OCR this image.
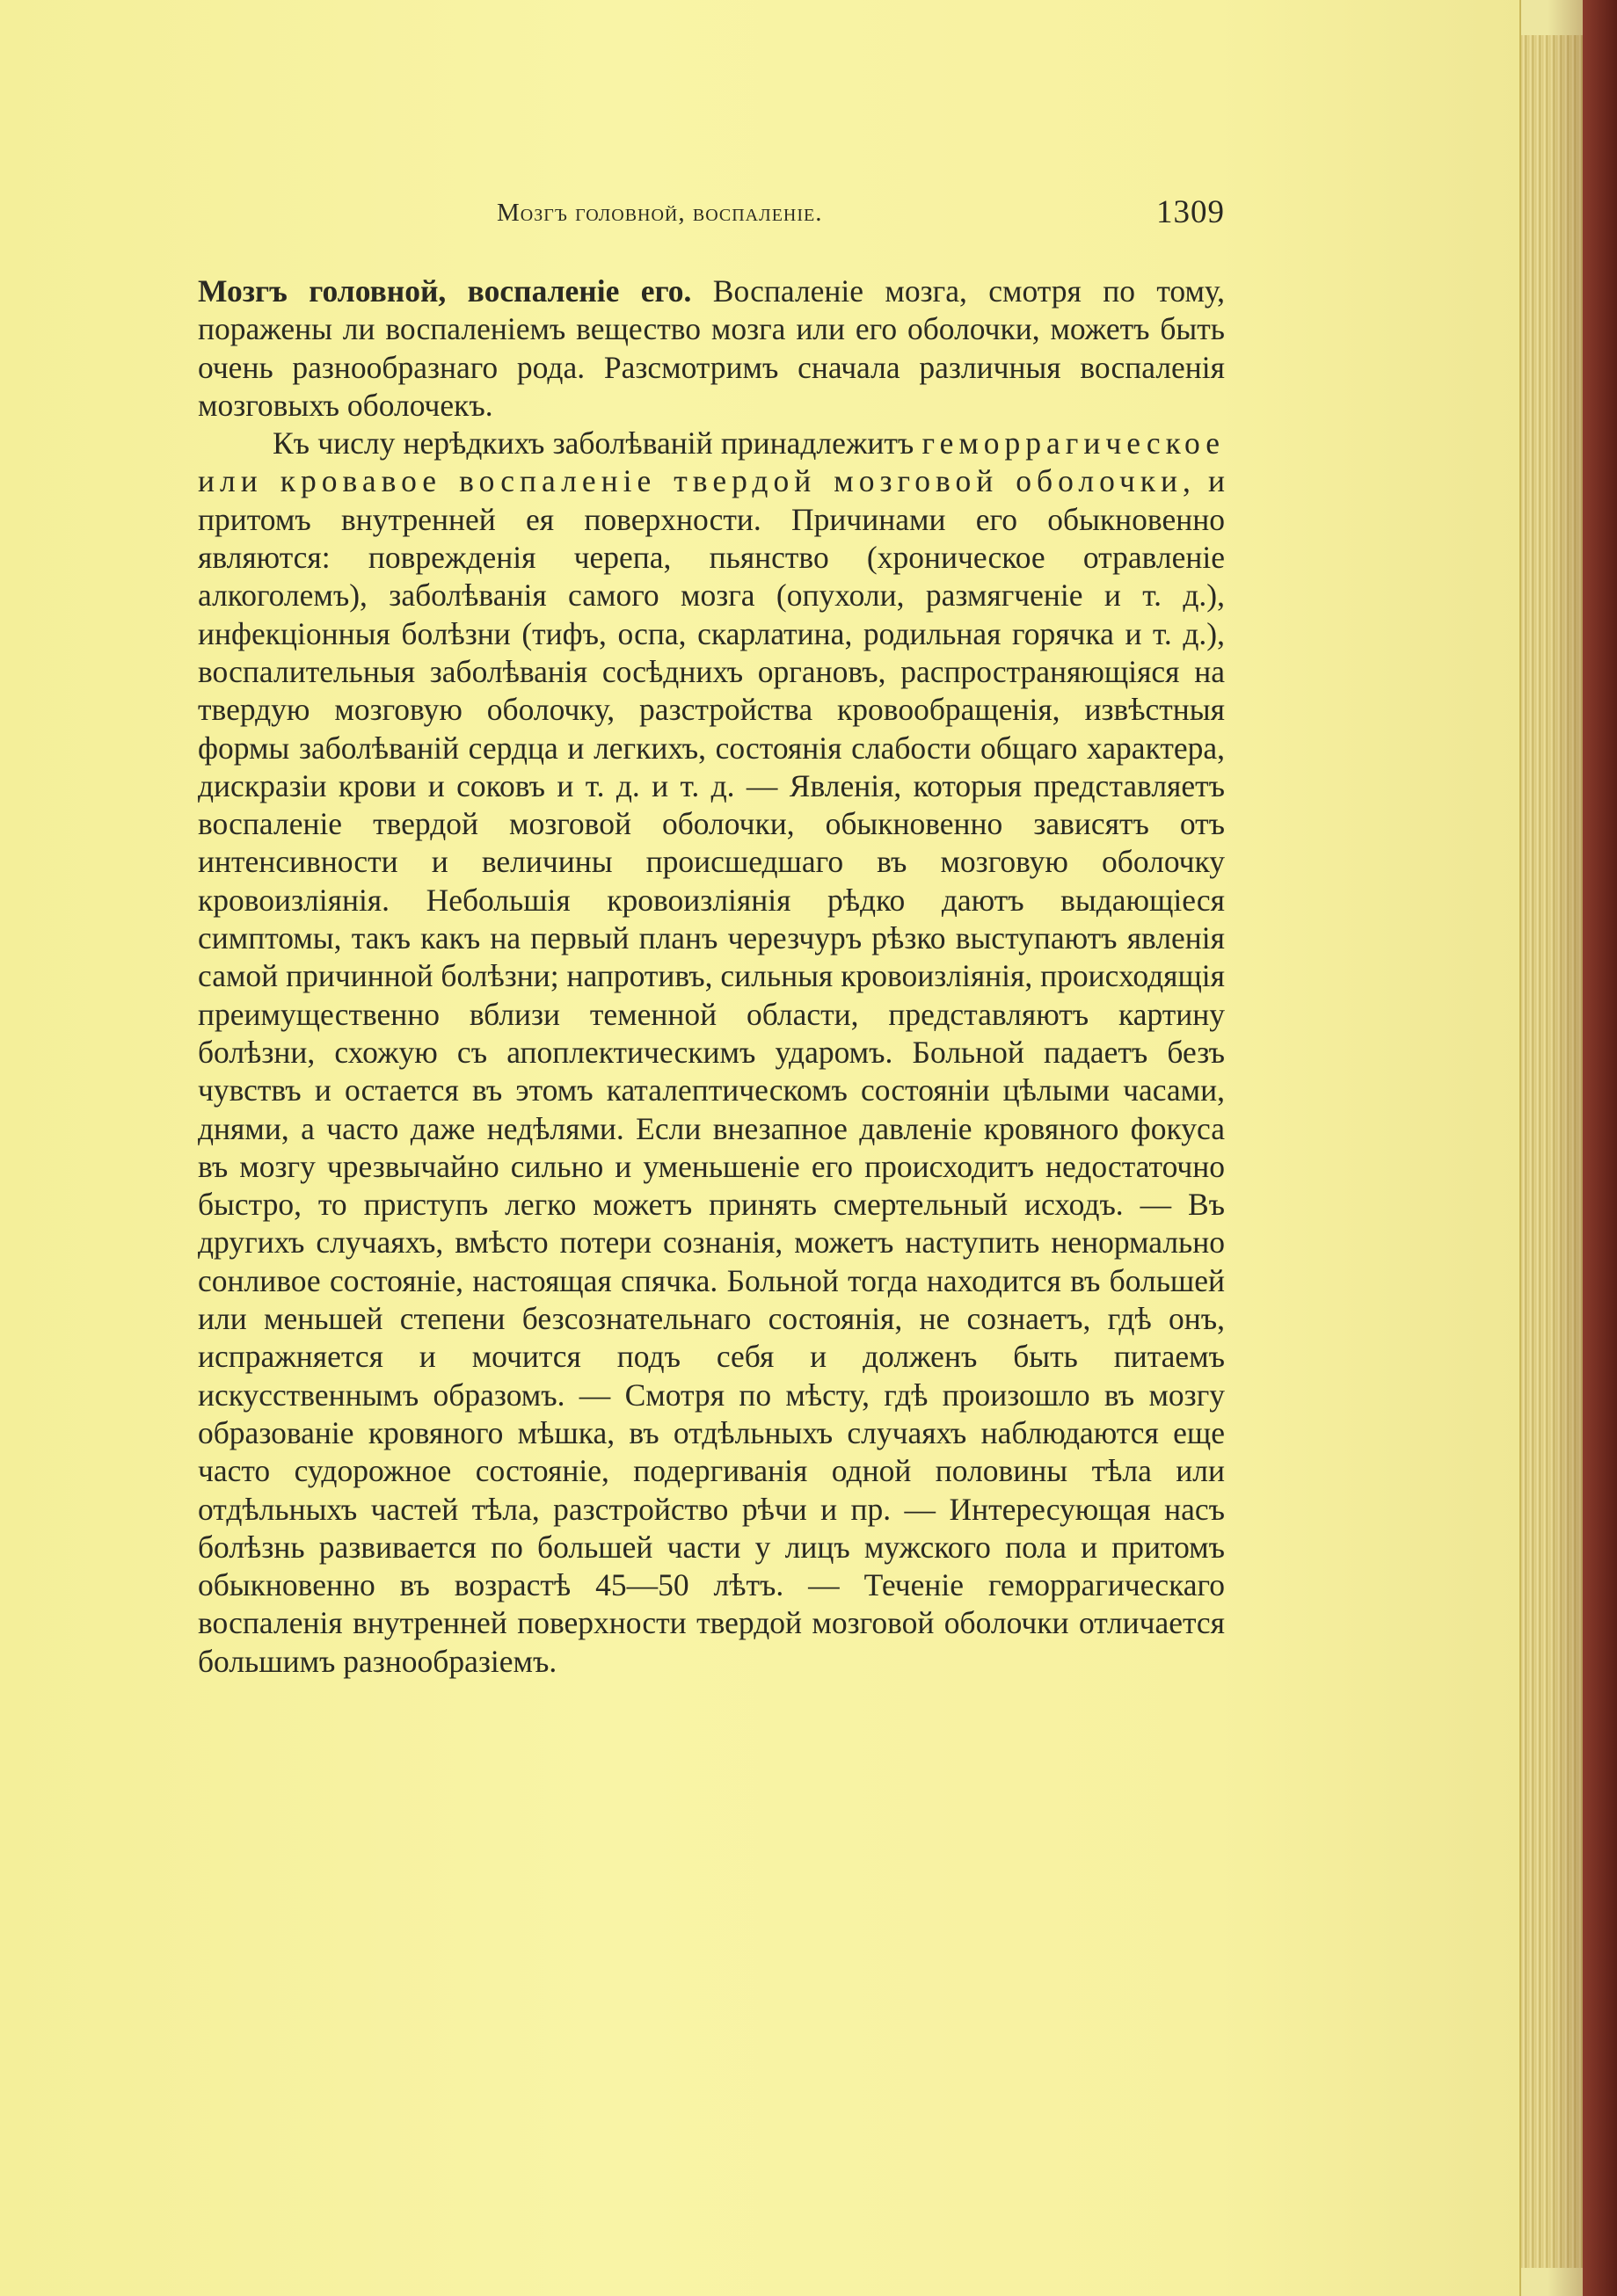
Мозгъ головной, воспаленіе.	1309

Мозгъ головной, воспаленіе его. Воспаленіе мозга, смотря по тому, поражены ли воспаленіемъ вещество мозга или его оболочки, можетъ быть очень разнообразнаго рода. Разсмотримъ сначала различныя воспаленія мозговыхъ оболочекъ.

Къ числу нерѣдкихъ заболѣваній принадлежитъ геморрагическое или кровавое воспаленіе твердой мозговой оболочки, и притомъ внутренней ея поверхности. Причинами его обыкновенно являются: поврежденія черепа, пьянство (хроническое отравленіе алкоголемъ), заболѣванія самого мозга (опухоли, размягченіе и т. д.), инфекціонныя болѣзни (тифъ, оспа, скарлатина, родильная горячка и т. д.), воспалительныя заболѣванія сосѣднихъ органовъ, распространяющіяся на твердую мозговую оболочку, разстройства кровообращенія, извѣстныя формы заболѣваній сердца и легкихъ, состоянія слабости общаго характера, дискразіи крови и соковъ и т. д. и т. д. — Явленія, которыя представляетъ воспаленіе твердой мозговой оболочки, обыкновенно зависятъ отъ интенсивности и величины происшедшаго въ мозговую оболочку кровоизліянія. Небольшія кровоизліянія рѣдко даютъ выдающіеся симптомы, такъ какъ на первый планъ черезчуръ рѣзко выступаютъ явленія самой причинной болѣзни; напротивъ, сильныя кровоизліянія, происходящія преимущественно вблизи теменной области, представляютъ картину болѣзни, схожую съ апоплектическимъ ударомъ. Больной падаетъ безъ чувствъ и остается въ этомъ каталептическомъ состояніи цѣлыми часами, днями, а часто даже недѣлями. Если внезапное давленіе кровяного фокуса въ мозгу чрезвычайно сильно и уменьшеніе его происходитъ недостаточно быстро, то приступъ легко можетъ принять смертельный исходъ. — Въ другихъ случаяхъ, вмѣсто потери сознанія, можетъ наступить ненормально сонливое состояніе, настоящая спячка. Больной тогда находится въ большей или меньшей степени безсознательнаго состоянія, не сознаетъ, гдѣ онъ, испражняется и мочится подъ себя и долженъ быть питаемъ искусственнымъ образомъ. — Смотря по мѣсту, гдѣ произошло въ мозгу образованіе кровяного мѣшка, въ отдѣльныхъ случаяхъ наблюдаются еще часто судорожное состояніе, подергиванія одной половины тѣла или отдѣльныхъ частей тѣла, разстройство рѣчи и пр. — Интересующая насъ болѣзнь развивается по большей части у лицъ мужского пола и притомъ обыкновенно въ возрастѣ 45—50 лѣтъ. — Теченіе геморрагическаго воспаленія внутренней поверхности твердой мозговой оболочки отличается большимъ разнообразіемъ.
